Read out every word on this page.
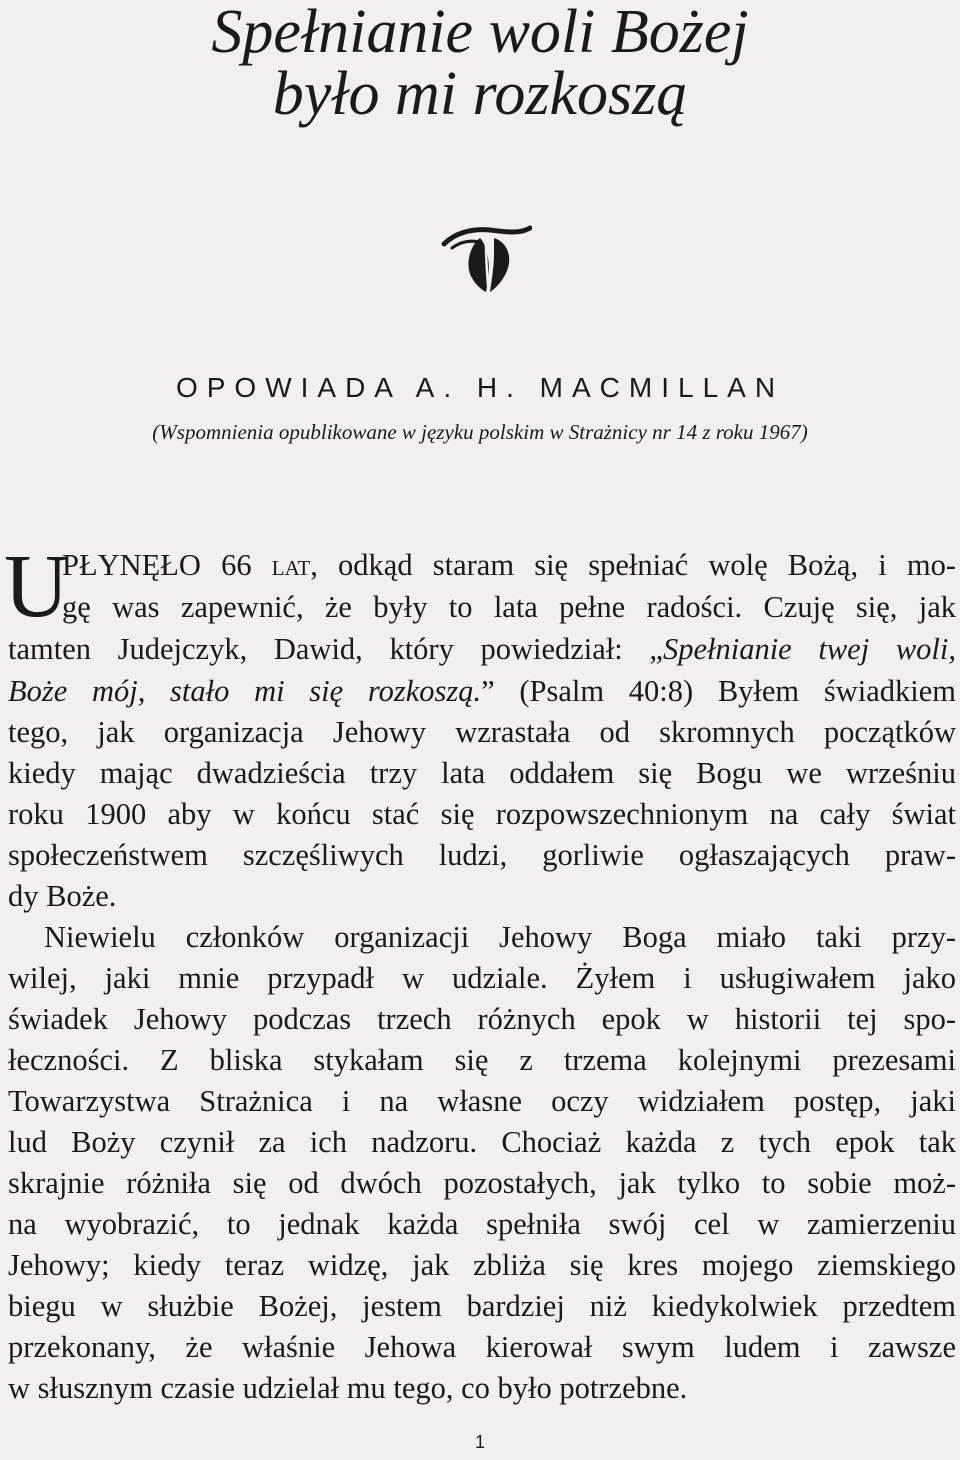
Spełnianie woli Bożej
było mi rozkoszą
OPOWIADA A. H. MACMILLAN
(Wspomnienia opublikowane w języku polskim w Strażnicy nr 14 z roku 1967)
U
PŁYNĘŁO 66 lat, odkąd staram się spełniać wolę Bożą, i mo-
gę was zapewnić, że były to lata pełne radości. Czuję się, jak
tamten Judejczyk, Dawid, który powiedział: „Spełnianie twej woli,
Boże mój, stało mi się rozkoszą.” (Psalm 40:8) Byłem świadkiem
tego, jak organizacja Jehowy wzrastała od skromnych początków
kiedy mając dwadzieścia trzy lata oddałem się Bogu we wrześniu
roku 1900 aby w końcu stać się rozpowszechnionym na cały świat
społeczeństwem szczęśliwych ludzi, gorliwie ogłaszających praw-
dy Boże.
Niewielu członków organizacji Jehowy Boga miało taki przy-
wilej, jaki mnie przypadł w udziale. Żyłem i usługiwałem jako
świadek Jehowy podczas trzech różnych epok w historii tej spo-
łeczności. Z bliska stykałam się z trzema kolejnymi prezesami
Towarzystwa Strażnica i na własne oczy widziałem postęp, jaki
lud Boży czynił za ich nadzoru. Chociaż każda z tych epok tak
skrajnie różniła się od dwóch pozostałych, jak tylko to sobie moż-
na wyobrazić, to jednak każda spełniła swój cel w zamierzeniu
Jehowy; kiedy teraz widzę, jak zbliża się kres mojego ziemskiego
biegu w służbie Bożej, jestem bardziej niż kiedykolwiek przedtem
przekonany, że właśnie Jehowa kierował swym ludem i zawsze
w słusznym czasie udzielał mu tego, co było potrzebne.
1
